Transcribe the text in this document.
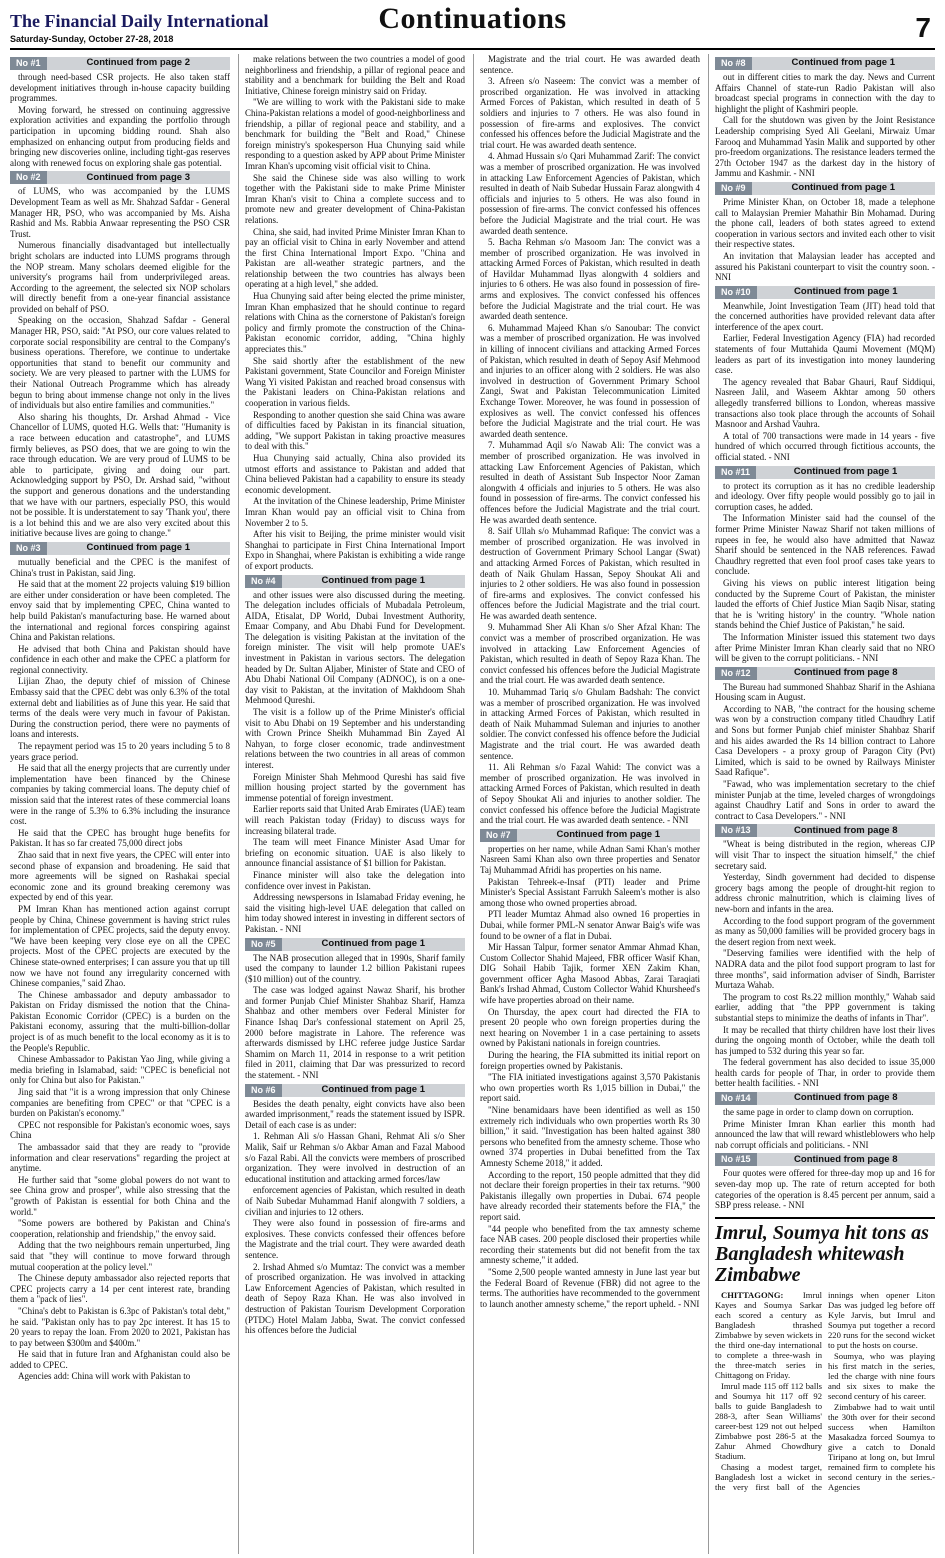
The Financial Daily International
Saturday-Sunday, October 27-28, 2018
Continuations	7
No #1	Continued from page 2

through need-based CSR projects. He also taken staff development initiatives through in-house capacity building programmes.

Moving forward, he stressed on continuing aggressive exploration activities and expanding the portfolio through participation in upcoming bidding round. Shah also emphasized on enhancing output from producing fields and bringing new discoveries online, including tight-gas reserves along with renewed focus on exploring shale gas potential.

No #2	Continued from page 3

of LUMS, who was accompanied by the LUMS Development Team as well as Mr. Shahzad Safdar - General Manager HR, PSO, who was accompanied by Ms. Aisha Rashid and Ms. Rabbia Anwaar representing the PSO CSR Trust.

Numerous financially disadvantaged but intellectually bright scholars are inducted into LUMS programs through the NOP stream. Many scholars deemed eligible for the university's programs hail from underprivileged areas. According to the agreement, the selected six NOP scholars will directly benefit from a one-year financial assistance provided on behalf of PSO.

Speaking on the occasion, Shahzad Safdar - General Manager HR, PSO, said: "At PSO, our core values related to corporate social responsibility are central to the Company's business operations. Therefore, we continue to undertake opportunities that stand to benefit our community and society. We are very pleased to partner with the LUMS for their National Outreach Programme which has already begun to bring about immense change not only in the lives of individuals but also entire families and communities."

Also sharing his thoughts, Dr. Arshad Ahmad - Vice Chancellor of LUMS, quoted H.G. Wells that: "Humanity is a race between education and catastrophe", and LUMS firmly believes, as PSO does, that we are going to win the race through education. We are very proud of LUMS to be able to participate, giving and doing our part. Acknowledging support by PSO, Dr. Arshad said, "without the support and generous donations and the understanding that we have with our partners, especially PSO, this would not be possible. It is understatement to say 'Thank you', there is a lot behind this and we are also very excited about this initiative because lives are going to change."

No #3	Continued from page 1

mutually beneficial and the CPEC is the manifest of China's trust in Pakistan, said Jing.

He said that at the moment 22 projects valuing $19 billion are either under consideration or have been completed. The envoy said that by implementing CPEC, China wanted to help build Pakistan's manufacturing base. He warned about the international and regional forces conspiring against China and Pakistan relations.

He advised that both China and Pakistan should have confidence in each other and make the CPEC a platform for regional connectivity.

Lijian Zhao, the deputy chief of mission of Chinese Embassy said that the CPEC debt was only 6.3% of the total external debt and liabilities as of June this year. He said that terms of the deals were very much in favour of Pakistan. During the construction period, there were no payments of loans and interests.

The repayment period was 15 to 20 years including 5 to 8 years grace period.

He said that all the energy projects that are currently under implementation have been financed by the Chinese companies by taking commercial loans. The deputy chief of mission said that the interest rates of these commercial loans were in the range of 5.3% to 6.3% including the insurance cost.

He said that the CPEC has brought huge benefits for Pakistan. It has so far created 75,000 direct jobs

Zhao said that in next five years, the CPEC will enter into second phase of expansion and broadening. He said that more agreements will be signed on Rashakai special economic zone and its ground breaking ceremony was expected by end of this year.

PM Imran Khan has mentioned action against corrupt people by China, Chinese government is having strict rules for implementation of CPEC projects, said the deputy envoy. "We have been keeping very close eye on all the CPEC projects. Most of the CPEC projects are executed by the Chinese state-owned enterprises; I can assure you that up till now we have not found any irregularity concerned with Chinese companies," said Zhao.

The Chinese ambassador and deputy ambassador to Pakistan on Friday dismissed the notion that the China-Pakistan Economic Corridor (CPEC) is a burden on the Pakistani economy, assuring that the multi-billion-dollar project is of as much benefit to the local economy as it is to the People's Republic.

Chinese Ambassador to Pakistan Yao Jing, while giving a media briefing in Islamabad, said: "CPEC is beneficial not only for China but also for Pakistan."

Jing said that "it is a wrong impression that only Chinese companies are benefiting from CPEC" or that "CPEC is a burden on Pakistan's economy."

CPEC not responsible for Pakistan's economic woes, says China

The ambassador said that they are ready to "provide information and clear reservations" regarding the project at anytime.

He further said that "some global powers do not want to see China grow and prosper", while also stressing that the "growth of Pakistan is essential for both China and the world."

"Some powers are bothered by Pakistan and China's cooperation, relationship and friendship," the envoy said.

Adding that the two neighbours remain unperturbed, Jing said that "they will continue to move forward through mutual cooperation at the policy level."

The Chinese deputy ambassador also rejected reports that CPEC projects carry a 14 per cent interest rate, branding them a "pack of lies".

"China's debt to Pakistan is 6.3pc of Pakistan's total debt," he said. "Pakistan only has to pay 2pc interest. It has 15 to 20 years to repay the loan. From 2020 to 2021, Pakistan has to pay between $300m and $400m."

He said that in future Iran and Afghanistan could also be added to CPEC.

Agencies add: China will work with Pakistan to

make relations between the two countries a model of good neighborliness and friendship, a pillar of regional peace and stability and a benchmark for building the Belt and Road Initiative, Chinese foreign ministry said on Friday.

"We are willing to work with the Pakistani side to make China-Pakistan relations a model of good-neighborliness and friendship, a pillar of regional peace and stability, and a benchmark for building the "Belt and Road," Chinese foreign ministry's spokesperson Hua Chunying said while responding to a question asked by APP about Prime Minister Imran Khan's upcoming visit official visit to China.

She said the Chinese side was also willing to work together with the Pakistani side to make Prime Minister Imran Khan's visit to China a complete success and to promote new and greater development of China-Pakistan relations.

China, she said, had invited Prime Minister Imran Khan to pay an official visit to China in early November and attend the first China International Import Expo. "China and Pakistan are all-weather strategic partners, and the relationship between the two countries has always been operating at a high level," she added.

Hua Chunying said after being elected the prime minister, Imran Khan emphasized that he should continue to regard relations with China as the cornerstone of Pakistan's foreign policy and firmly promote the construction of the China-Pakistan economic corridor, adding, "China highly appreciates this."

She said shortly after the establishment of the new Pakistani government, State Councilor and Foreign Minister Wang Yi visited Pakistan and reached broad consensus with the Pakistani leaders on China-Pakistan relations and cooperation in various fields.

Responding to another question she said China was aware of difficulties faced by Pakistan in its financial situation, adding, "We support Pakistan in taking proactive measures to deal with this."

Hua Chunying said actually, China also provided its utmost efforts and assistance to Pakistan and added that China believed Pakistan had a capability to ensure its steady economic development.

At the invitation of the Chinese leadership, Prime Minister Imran Khan would pay an official visit to China from November 2 to 5.

After his visit to Beijing, the prime minister would visit Shanghai to participate in First China International Import Expo in Shanghai, where Pakistan is exhibiting a wide range of export products.

No #4	Continued from page 1

and other issues were also discussed during the meeting. The delegation includes officials of Mubadala Petroleum, AIDA, Etisalat, DP World, Dubai Investment Authority, Emaar Company, and Abu Dhabi Fund for Development. The delegation is visiting Pakistan at the invitation of the foreign minister. The visit will help promote UAE's investment in Pakistan in various sectors. The delegation headed by Dr. Sultan Aljaber, Minister of State and CEO of Abu Dhabi National Oil Company (ADNOC), is on a one-day visit to Pakistan, at the invitation of Makhdoom Shah Mehmood Qureshi.

The visit is a follow up of the Prime Minister's official visit to Abu Dhabi on 19 September and his understanding with Crown Prince Sheikh Muhammad Bin Zayed Al Nahyan, to forge closer economic, trade andinvestment relations between the two countries in all areas of common interest.

Foreign Minister Shah Mehmood Qureshi has said five million housing project started by the government has immense potential of foreign investment.

Earlier reports said that United Arab Emirates (UAE) team will reach Pakistan today (Friday) to discuss ways for increasing bilateral trade.

The team will meet Finance Minister Asad Umar for briefing on economic situation. UAE is also likely to announce financial assistance of $1 billion for Pakistan.

Finance minister will also take the delegation into confidence over invest in Pakistan.

Addressing newspersons in Islamabad Friday evening, he said the visiting high-level UAE delegation that called on him today showed interest in investing in different sectors of Pakistan. - NNI

No #5	Continued from page 1

The NAB prosecution alleged that in 1990s, Sharif family used the company to launder 1.2 billion Pakistani rupees ($10 million) out of the country.

The case was lodged against Nawaz Sharif, his brother and former Punjab Chief Minister Shahbaz Sharif, Hamza Shahbaz and other members over Federal Minister for Finance Ishaq Dar's confessional statement on April 25, 2000 before magistrate in Lahore. The reference was afterwards dismissed by LHC referee judge Justice Sardar Shamim on March 11, 2014 in response to a writ petition filed in 2011, claiming that Dar was pressurized to record the statement. - NNI

No #6	Continued from page 1

Besides the death penalty, eight convicts have also been awarded imprisonment," reads the statement issued by ISPR. Detail of each case is as under:

1. Rehman Ali s/o Hassan Ghani, Rehmat Ali s/o Sher Malik, Saif ur Rehman s/o Akbar Aman and Fazal Mabood s/o Fazal Rabi. All the convicts were members of proscribed organization. They were involved in destruction of an educational institution and attacking armed forces/law

enforcement agencies of Pakistan, which resulted in death of Naib Subedar Muhammad Hanif alongwith 7 soldiers, a civilian and injuries to 12 others.

They were also found in possession of fire-arms and explosives. These convicts confessed their offences before the Magistrate and the trial court. They were awarded death sentence.

2. Irshad Ahmed s/o Mumtaz: The convict was a member of proscribed organization. He was involved in attacking Law Enforcement Agencies of Pakistan, which resulted in death of Sepoy Raza Khan. He was also involved in destruction of Pakistan Tourism Development Corporation (PTDC) Hotel Malam Jabba, Swat. The convict confessed his offences before the Judicial

Magistrate and the trial court. He was awarded death sentence.

3. Afreen s/o Naseem: The convict was a member of proscribed organization. He was involved in attacking Armed Forces of Pakistan, which resulted in death of 5 soldiers and injuries to 7 others. He was also found in possession of fire-arms and explosives. The convict confessed his offences before the Judicial Magistrate and the trial court. He was awarded death sentence.

4. Ahmad Hussain s/o Qari Muhammad Zarif: The convict was a member of proscribed organization. He was involved in attacking Law Enforcement Agencies of Pakistan, which resulted in death of Naib Subedar Hussain Faraz alongwith 4 officials and injuries to 5 others. He was also found in possession of fire-arms. The convict confessed his offences before the Judicial Magistrate and the trial court. He was awarded death sentence.

5. Bacha Rehman s/o Masoom Jan: The convict was a member of proscribed organization. He was involved in attacking Armed Forces of Pakistan, which resulted in death of Havildar Muhammad Ilyas alongwith 4 soldiers and injuries to 6 others. He was also found in possession of fire-arms and explosives. The convict confessed his offences before the Judicial Magistrate and the trial court. He was awarded death sentence.

6. Muhammad Majeed Khan s/o Sanoubar: The convict was a member of proscribed organization. He was involved in killing of innocent civilians and attacking Armed Forces of Pakistan, which resulted in death of Sepoy Asif Mehmood and injuries to an officer along with 2 soldiers. He was also involved in destruction of Government Primary School Zangi, Swat and Pakistan Telecommunication Limited Exchange Tower. Moreover, he was found in possession of explosives as well. The convict confessed his offences before the Judicial Magistrate and the trial court. He was awarded death sentence.

7. Muhammad Aqil s/o Nawab Ali: The convict was a member of proscribed organization. He was involved in attacking Law Enforcement Agencies of Pakistan, which resulted in death of Assistant Sub Inspector Noor Zaman alongwith 4 officials and injuries to 5 others. He was also found in possession of fire-arms. The convict confessed his offences before the Judicial Magistrate and the trial court. He was awarded death sentence.

8. Saif Ullah s/o Muhammad Rafique: The convict was a member of proscribed organization. He was involved in destruction of Government Primary School Langar (Swat) and attacking Armed Forces of Pakistan, which resulted in death of Naik Ghulam Hassan, Sepoy Shoukat Ali and injuries to 2 other soldiers. He was also found in possession of fire-arms and explosives. The convict confessed his offences before the Judicial Magistrate and the trial court. He was awarded death sentence.

9. Muhammad Sher Ali Khan s/o Sher Afzal Khan: The convict was a member of proscribed organization. He was involved in attacking Law Enforcement Agencies of Pakistan, which resulted in death of Sepoy Raza Khan. The convict confessed his offences before the Judicial Magistrate and the trial court. He was awarded death sentence.

10. Muhammad Tariq s/o Ghulam Badshah: The convict was a member of proscribed organization. He was involved in attacking Armed Forces of Pakistan, which resulted in death of Naik Muhammad Suleman and injuries to another soldier. The convict confessed his offence before the Judicial Magistrate and the trial court. He was awarded death sentence.

11. Ali Rehman s/o Fazal Wahid: The convict was a member of proscribed organization. He was involved in attacking Armed Forces of Pakistan, which resulted in death of Sepoy Shoukat Ali and injuries to another soldier. The convict confessed his offence before the Judicial Magistrate and the trial court. He was awarded death sentence. - NNI

No #7	Continued from page 1

properties on her name, while Adnan Sami Khan's mother Nasreen Sami Khan also own three properties and Senator Taj Muhammad Afridi has properties on his name.

Pakistan Tehreek-e-Insaf (PTI) leader and Prime Minister's Special Assistant Farrukh Saleem's mother is also among those who owned properties abroad.

PTI leader Mumtaz Ahmad also owned 16 properties in Dubai, while former PML-N senator Anwar Baig's wife was found to be owner of a flat in Dubai.

Mir Hassan Talpur, former senator Ammar Ahmad Khan, Custom Collector Shahid Majeed, FBR officer Wasif Khan, DIG Sohail Habib Tajik, former XEN Zakim Khan, government officer Agha Masood Abbas, Zarai Taraqiati Bank's Irshad Ahmad, Custom Collector Wahid Khursheed's wife have properties abroad on their name.

On Thursday, the apex court had directed the FIA to present 20 people who own foreign properties during the next hearing on November 1 in a case pertaining to assets owned by Pakistani nationals in foreign countries.

During the hearing, the FIA submitted its initial report on foreign properties owned by Pakistanis.

"The FIA initiated investigations against 3,570 Pakistanis who own properties worth Rs 1,015 billion in Dubai," the report said.

"Nine benamidaars have been identified as well as 150 extremely rich individuals who own properties worth Rs 30 billion," it said. "Investigation has been halted against 380 persons who benefited from the amnesty scheme. Those who owned 374 properties in Dubai benefitted from the Tax Amnesty Scheme 2018," it added.

According to the report, 150 people admitted that they did not declare their foreign properties in their tax returns. "900 Pakistanis illegally own properties in Dubai. 674 people have already recorded their statements before the FIA," the report said.

"44 people who benefited from the tax amnesty scheme face NAB cases. 200 people disclosed their properties while recording their statements but did not benefit from the tax amnesty scheme," it added.

"Some 2,500 people wanted amnesty in June last year but the Federal Board of Revenue (FBR) did not agree to the terms. The authorities have recommended to the government to launch another amnesty scheme," the report upheld. - NNI

No #8	Continued from page 1

out in different cities to mark the day. News and Current Affairs Channel of state-run Radio Pakistan will also broadcast special programs in connection with the day to highlight the plight of Kashmiri people.

Call for the shutdown was given by the Joint Resistance Leadership comprising Syed Ali Geelani, Mirwaiz Umar Farooq and Muhammad Yasin Malik and supported by other pro-freedom organizations. The resistance leaders termed the 27th October 1947 as the darkest day in the history of Jammu and Kashmir. - NNI

No #9	Continued from page 1

Prime Minister Khan, on October 18, made a telephone call to Malaysian Premier Mahathir Bin Mohamad. During the phone call, leaders of both states agreed to extend cooperation in various sectors and invited each other to visit their respective states.

An invitation that Malaysian leader has accepted and assured his Pakistani counterpart to visit the country soon. - NNI

No #10	Continued from page 1

Meanwhile, Joint Investigation Team (JIT) head told that the concerned authorities have provided relevant data after interference of the apex court.

Earlier, Federal Investigation Agency (FIA) had recorded statements of four Muttahida Qaumi Movement (MQM) leaders as part of its investigation into money laundering case.

The agency revealed that Babar Ghauri, Rauf Siddiqui, Nasreen Jalil, and Waseem Akhtar among 50 others allegedly transferred billions to London, whereas massive transactions also took place through the accounts of Sohail Masnoor and Arshad Vauhra.

A total of 700 transactions were made in 14 years - five hundred of which occurred through fictitious accounts, the official stated. - NNI

No #11	Continued from page 1

to protect its corruption as it has no credible leadership and ideology. Over fifty people would possibly go to jail in corruption cases, he added.

The Information Minister said had the counsel of the former Prime Minister Nawaz Sharif not taken millions of rupees in fee, he would also have admitted that Nawaz Sharif should be sentenced in the NAB references. Fawad Chaudhry regretted that even fool proof cases take years to conclude.

Giving his views on public interest litigation being conducted by the Supreme Court of Pakistan, the minister lauded the efforts of Chief Justice Mian Saqib Nisar, stating that he is 'writing history' in the country. "Whole nation stands behind the Chief Justice of Pakistan," he said.

The Information Minister issued this statement two days after Prime Minister Imran Khan clearly said that no NRO will be given to the corrupt politicians. - NNI

No #12	Continued from page 8

The Bureau had summoned Shahbaz Sharif in the Ashiana Housing scam in August.

According to NAB, "the contract for the housing scheme was won by a construction company titled Chaudhry Latif and Sons but former Punjab chief minister Shahbaz Sharif and his aides awarded the Rs 14 billion contract to Lahore Casa Developers - a proxy group of Paragon City (Pvt) Limited, which is said to be owned by Railways Minister Saad Rafique".

"Fawad, who was implementation secretary to the chief minister Punjab at the time, leveled charges of wrongdoings against Chaudhry Latif and Sons in order to award the contract to Casa Developers." - NNI

No #13	Continued from page 8

"Wheat is being distributed in the region, whereas CJP will visit Thar to inspect the situation himself," the chief secretary said.

Yesterday, Sindh government had decided to dispense grocery bags among the people of drought-hit region to address chronic malnutrition, which is claiming lives of new-born and infants in the area.

According to the food support program of the government as many as 50,000 families will be provided grocery bags in the desert region from next week.

"Deserving families were identified with the help of NADRA data and the pilot food support program to last for three months", said information adviser of Sindh, Barrister Murtaza Wahab.

The program to cost Rs.22 million monthly," Wahab said earlier, adding that "the PPP government is taking substantial steps to minimize the deaths of infants in Thar".

It may be recalled that thirty children have lost their lives during the ongoing month of October, while the death toll has jumped to 532 during this year so far.

The federal government has also decided to issue 35,000 health cards for people of Thar, in order to provide them better health facilities. - NNI

No #14	Continued from page 8

the same page in order to clamp down on corruption.

Prime Minister Imran Khan earlier this month had announced the law that will reward whistleblowers who help nab corrupt officials and politicians. - NNI

No #15	Continued from page 8

Four quotes were offered for three-day mop up and 16 for seven-day mop up. The rate of return accepted for both categories of the operation is 8.45 percent per annum, said a SBP press release. - NNI

Imrul, Soumya hit tons as Bangladesh whitewash Zimbabwe

CHITTAGONG: Imrul Kayes and Soumya Sarkar each scored a century as Bangladesh thrashed Zimbabwe by seven wickets in the third one-day international to complete a three-wash in the three-match series in Chittagong on Friday.

Imrul made 115 off 112 balls and Soumya hit 117 off 92 balls to guide Bangladesh to 288-3, after Sean Williams' career-best 129 not out helped Zimbabwe post 286-5 at the Zahur Ahmed Chowdhury Stadium.

Chasing a modest target, Bangladesh lost a wicket in the very first ball of the innings when opener Liton Das was judged leg before off Kyle Jarvis, but Imrul and Soumya put together a record 220 runs for the second wicket to put the hosts on course.

Soumya, who was playing his first match in the series, led the charge with nine fours and six sixes to make the second century of his career.

Zimbabwe had to wait until the 30th over for their second success when Hamilton Masakadza forced Soumya to give a catch to Donald Tiripano at long on, but Imrul remained firm to complete his second century in the series.-Agencies
